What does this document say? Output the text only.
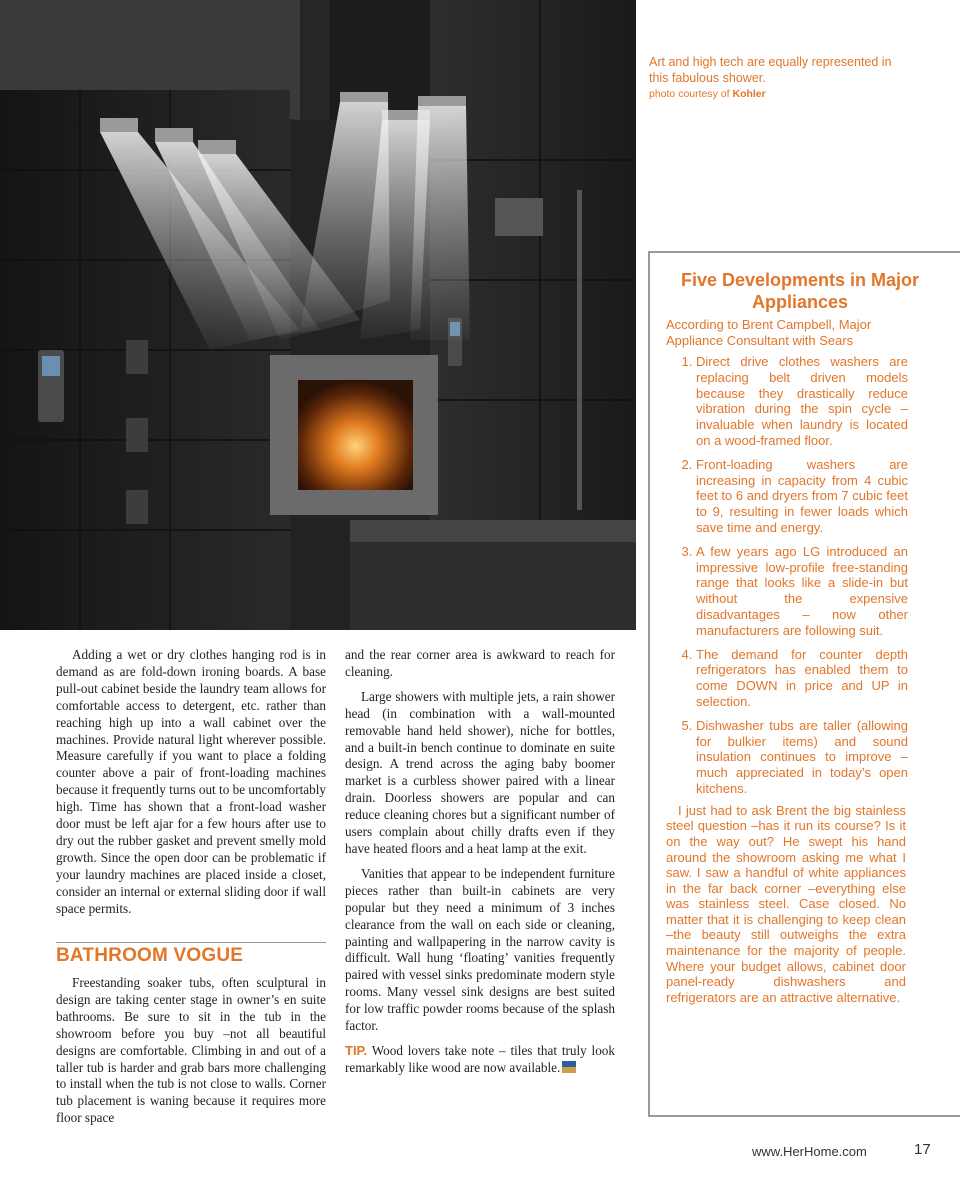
Art and high tech are equally represented in this fabulous shower.
photo courtesy of Kohler
Five Developments in Major Appliances
According to Brent Campbell, Major Appliance Consultant with Sears
1. Direct drive clothes washers are replacing belt driven models because they drastically reduce vibration during the spin cycle –invaluable when laundry is located on a wood-framed floor.
2. Front-loading washers are increasing in capacity from 4 cubic feet to 6 and dryers from 7 cubic feet to 9, resulting in fewer loads which save time and energy.
3. A few years ago LG introduced an impressive low-profile free-standing range that looks like a slide-in but without the expensive disadvantages – now other manufacturers are following suit.
4. The demand for counter depth refrigerators has enabled them to come DOWN in price and UP in selection.
5. Dishwasher tubs are taller (allowing for bulkier items) and sound insulation continues to improve –much appreciated in today’s open kitchens.
I just had to ask Brent the big stainless steel question –has it run its course? Is it on the way out? He swept his hand around the showroom asking me what I saw. I saw a handful of white appliances in the far back corner –everything else was stainless steel. Case closed. No matter that it is challenging to keep clean –the beauty still outweighs the extra maintenance for the majority of people. Where your budget allows, cabinet door panel-ready dishwashers and refrigerators are an attractive alternative.

Adding a wet or dry clothes hanging rod is in demand as are fold-down ironing boards. A base pull-out cabinet beside the laundry team allows for comfortable access to detergent, etc. rather than reaching high up into a wall cabinet over the machines. Provide natural light wherever possible. Measure carefully if you want to place a folding counter above a pair of front-loading machines because it frequently turns out to be uncomfortably high. Time has shown that a front-load washer door must be left ajar for a few hours after use to dry out the rubber gasket and prevent smelly mold growth. Since the open door can be problematic if your laundry machines are placed inside a closet, consider an internal or external sliding door if wall space permits.

BATHROOM VOGUE

Freestanding soaker tubs, often sculptural in design are taking center stage in owner’s en suite bathrooms. Be sure to sit in the tub in the showroom before you buy –not all beautiful designs are comfortable. Climbing in and out of a taller tub is harder and grab bars more challenging to install when the tub is not close to walls. Corner tub placement is waning because it requires more floor space

and the rear corner area is awkward to reach for cleaning.

Large showers with multiple jets, a rain shower head (in combination with a wall-mounted removable hand held shower), niche for bottles, and a built-in bench continue to dominate en suite design. A trend across the aging baby boomer market is a curbless shower paired with a linear drain. Doorless showers are popular and can reduce cleaning chores but a significant number of users complain about chilly drafts even if they have heated floors and a heat lamp at the exit.

Vanities that appear to be independent furniture pieces rather than built-in cabinets are very popular but they need a minimum of 3 inches clearance from the wall on each side or cleaning, painting and wallpapering in the narrow cavity is difficult. Wall hung ‘floating’ vanities frequently paired with vessel sinks predominate modern style rooms. Many vessel sink designs are best suited for low traffic powder rooms because of the splash factor.

TIP. Wood lovers take note – tiles that truly look remarkably like wood are now available.

www.HerHome.com	17
